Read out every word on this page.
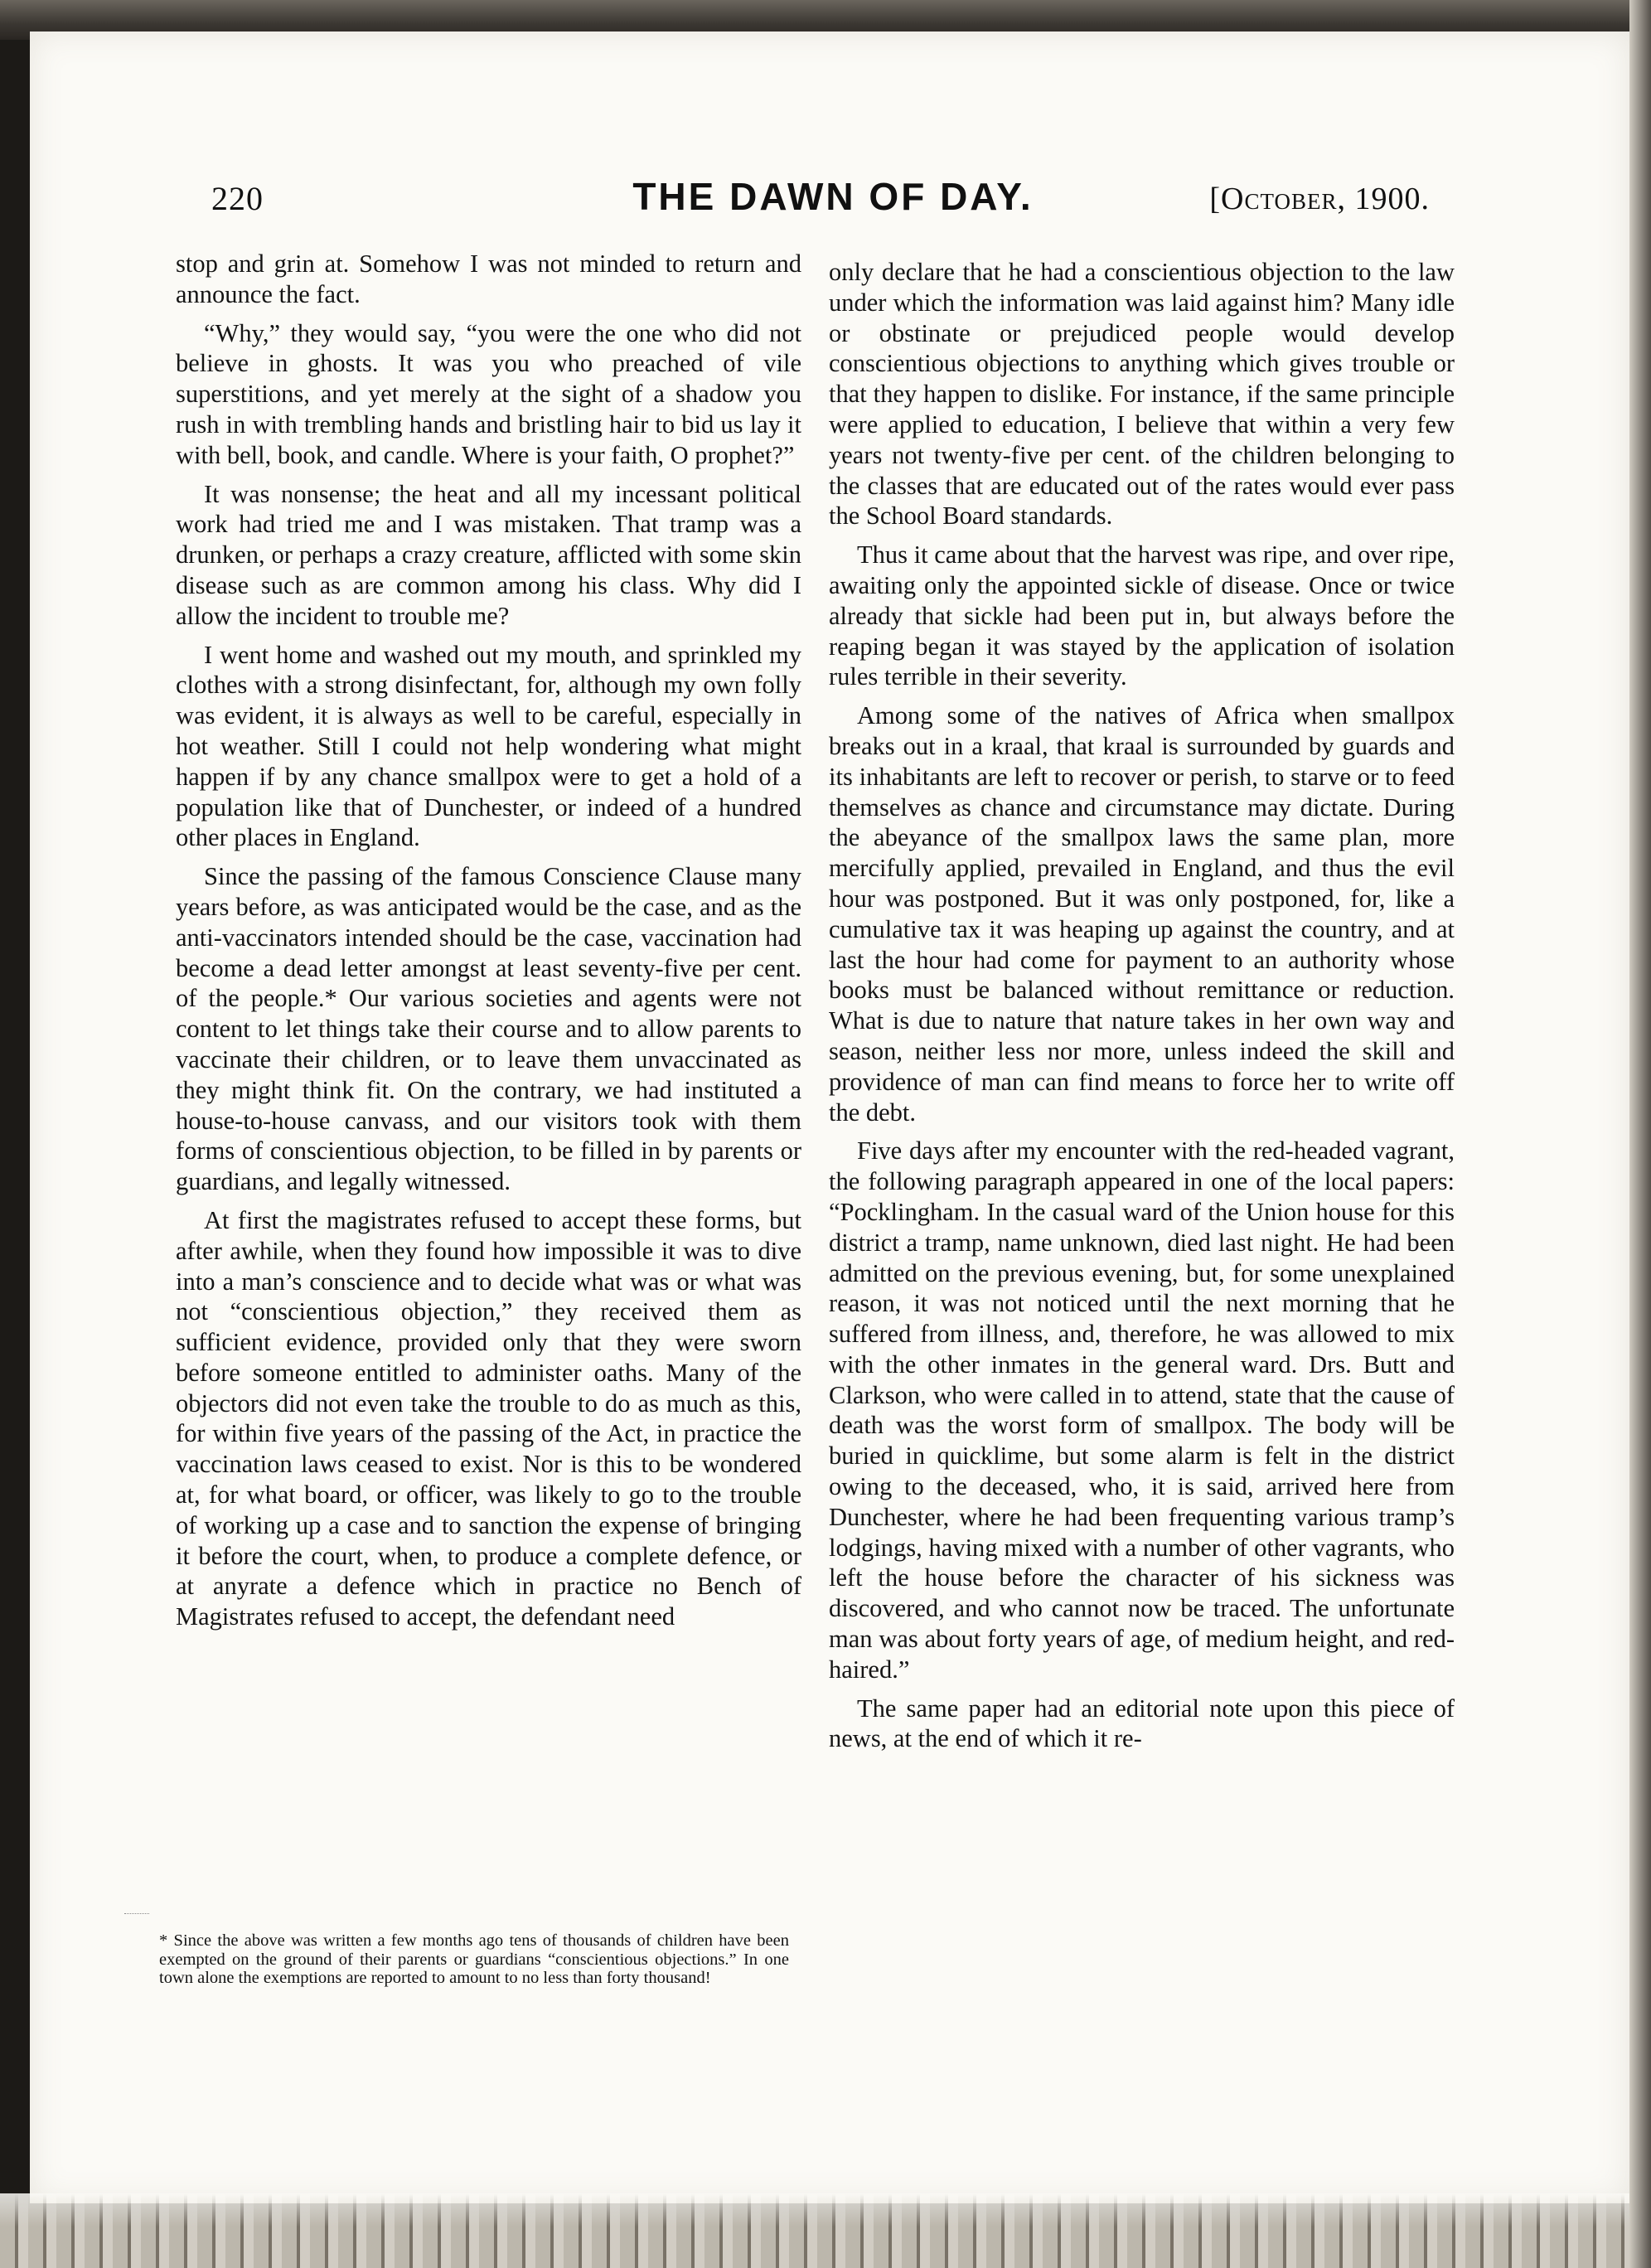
220	THE DAWN OF DAY.	[October, 1900.

stop and grin at. Somehow I was not minded to return and announce the fact.

“Why,” they would say, “you were the one who did not believe in ghosts. It was you who preached of vile superstitions, and yet merely at the sight of a shadow you rush in with trembling hands and bristling hair to bid us lay it with bell, book, and candle. Where is your faith, O prophet?”

It was nonsense; the heat and all my incessant political work had tried me and I was mistaken. That tramp was a drunken, or perhaps a crazy creature, afflicted with some skin disease such as are common among his class. Why did I allow the incident to trouble me?

I went home and washed out my mouth, and sprinkled my clothes with a strong disinfectant, for, although my own folly was evident, it is always as well to be careful, especially in hot weather. Still I could not help wondering what might happen if by any chance smallpox were to get a hold of a population like that of Dunchester, or indeed of a hundred other places in England.

Since the passing of the famous Conscience Clause many years before, as was anticipated would be the case, and as the anti-vaccinators intended should be the case, vaccination had become a dead letter amongst at least seventy-five per cent. of the people.* Our various societies and agents were not content to let things take their course and to allow parents to vaccinate their children, or to leave them unvaccinated as they might think fit. On the contrary, we had instituted a house-to-house canvass, and our visitors took with them forms of conscientious objection, to be filled in by parents or guardians, and legally witnessed.

At first the magistrates refused to accept these forms, but after awhile, when they found how impossible it was to dive into a man’s conscience and to decide what was or what was not “conscientious objection,” they received them as sufficient evidence, provided only that they were sworn before someone entitled to administer oaths. Many of the objectors did not even take the trouble to do as much as this, for within five years of the passing of the Act, in practice the vaccination laws ceased to exist. Nor is this to be wondered at, for what board, or officer, was likely to go to the trouble of working up a case and to sanction the expense of bringing it before the court, when, to produce a complete defence, or at anyrate a defence which in practice no Bench of Magistrates refused to accept, the defendant need

only declare that he had a conscientious objection to the law under which the information was laid against him? Many idle or obstinate or prejudiced people would develop conscientious objections to anything which gives trouble or that they happen to dislike. For instance, if the same principle were applied to education, I believe that within a very few years not twenty-five per cent. of the children belonging to the classes that are educated out of the rates would ever pass the School Board standards.

Thus it came about that the harvest was ripe, and over ripe, awaiting only the appointed sickle of disease. Once or twice already that sickle had been put in, but always before the reaping began it was stayed by the application of isolation rules terrible in their severity.

Among some of the natives of Africa when smallpox breaks out in a kraal, that kraal is surrounded by guards and its inhabitants are left to recover or perish, to starve or to feed themselves as chance and circumstance may dictate. During the abeyance of the smallpox laws the same plan, more mercifully applied, prevailed in England, and thus the evil hour was postponed. But it was only postponed, for, like a cumulative tax it was heaping up against the country, and at last the hour had come for payment to an authority whose books must be balanced without remittance or reduction. What is due to nature that nature takes in her own way and season, neither less nor more, unless indeed the skill and providence of man can find means to force her to write off the debt.

Five days after my encounter with the red-headed vagrant, the following paragraph appeared in one of the local papers: “Pocklingham. In the casual ward of the Union house for this district a tramp, name unknown, died last night. He had been admitted on the previous evening, but, for some unexplained reason, it was not noticed until the next morning that he suffered from illness, and, therefore, he was allowed to mix with the other inmates in the general ward. Drs. Butt and Clarkson, who were called in to attend, state that the cause of death was the worst form of smallpox. The body will be buried in quicklime, but some alarm is felt in the district owing to the deceased, who, it is said, arrived here from Dunchester, where he had been frequenting various tramp’s lodgings, having mixed with a number of other vagrants, who left the house before the character of his sickness was discovered, and who cannot now be traced. The unfortunate man was about forty years of age, of medium height, and red-haired.”

The same paper had an editorial note upon this piece of news, at the end of which it re-

* Since the above was written a few months ago tens of thousands of children have been exempted on the ground of their parents or guardians “conscientious objections.” In one town alone the exemptions are reported to amount to no less than forty thousand!
